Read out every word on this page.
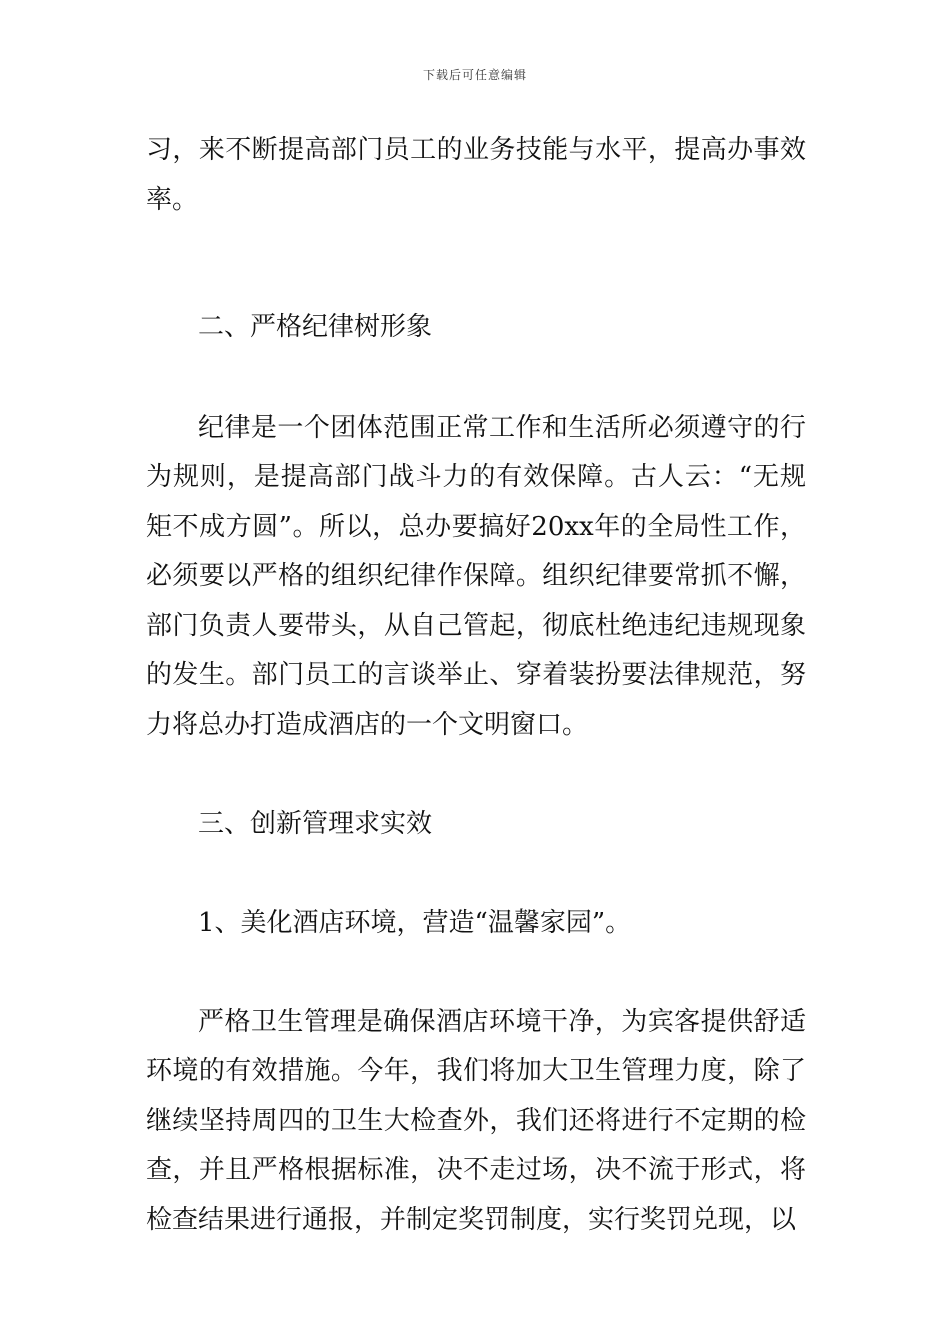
下载后可任意编辑

习，来不断提高部门员工的业务技能与水平，提高办事效率。

二、严格纪律树形象

纪律是一个团体范围正常工作和生活所必须遵守的行为规则，是提高部门战斗力的有效保障。古人云：“无规矩不成方圆”。所以，总办要搞好20xx年的全局性工作，必须要以严格的组织纪律作保障。组织纪律要常抓不懈，部门负责人要带头，从自己管起，彻底杜绝违纪违规现象的发生。部门员工的言谈举止、穿着装扮要法律规范，努力将总办打造成酒店的一个文明窗口。

三、创新管理求实效

1、美化酒店环境，营造“温馨家园”。

严格卫生管理是确保酒店环境干净，为宾客提供舒适环境的有效措施。今年，我们将加大卫生管理力度，除了继续坚持周四的卫生大检查外，我们还将进行不定期的检查，并且严格根据标准，决不走过场，决不流于形式，将检查结果进行通报，并制定奖罚制度，实行奖罚兑现，以
